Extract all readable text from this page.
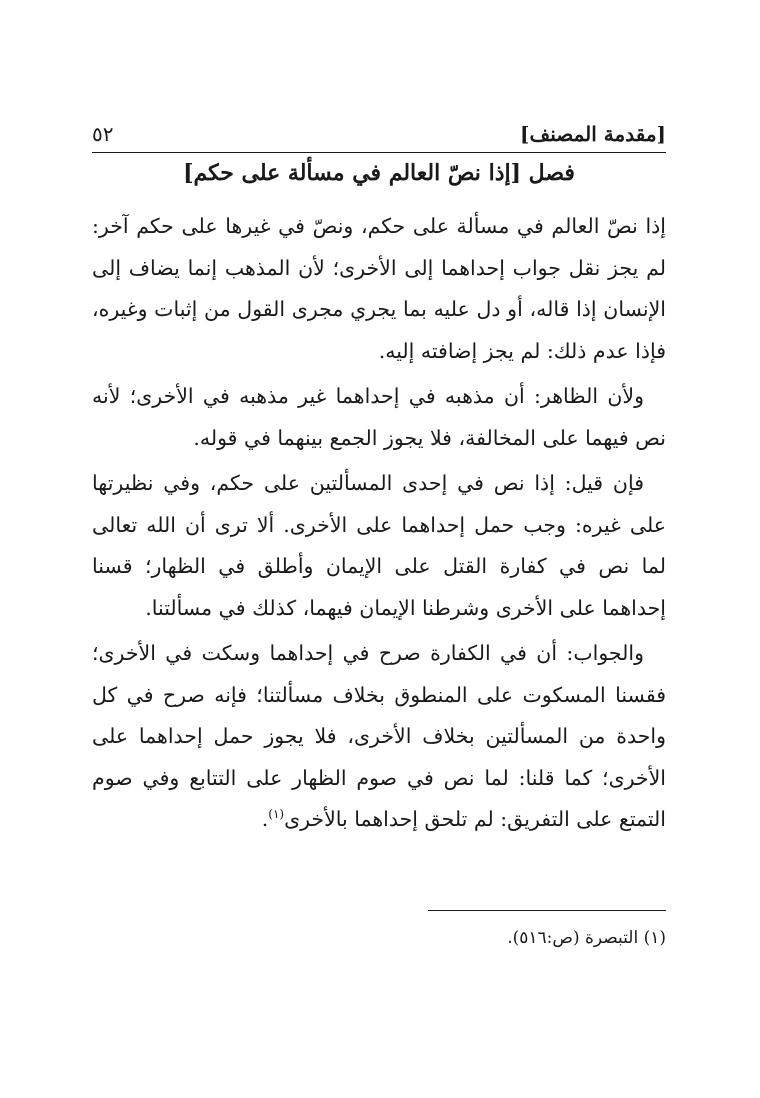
[مقدمة المصنف]
٥٢
فصل [إذا نصّ العالم في مسألة على حكم]

إذا نصّ العالم في مسألة على حكم، ونصّ في غيرها على حكم آخر: لم يجز نقل جواب إحداهما إلى الأخرى؛ لأن المذهب إنما يضاف إلى الإنسان إذا قاله، أو دل عليه بما يجري مجرى القول من إثبات وغيره، فإذا عدم ذلك: لم يجز إضافته إليه.

ولأن الظاهر: أن مذهبه في إحداهما غير مذهبه في الأخرى؛ لأنه نص فيهما على المخالفة، فلا يجوز الجمع بينهما في قوله.

فإن قيل: إذا نص في إحدى المسألتين على حكم، وفي نظيرتها على غيره: وجب حمل إحداهما على الأخرى. ألا ترى أن الله تعالى لما نص في كفارة القتل على الإيمان وأطلق في الظهار؛ قسنا إحداهما على الأخرى وشرطنا الإيمان فيهما، كذلك في مسألتنا.

والجواب: أن في الكفارة صرح في إحداهما وسكت في الأخرى؛ فقسنا المسكوت على المنطوق بخلاف مسألتنا؛ فإنه صرح في كل واحدة من المسألتين بخلاف الأخرى، فلا يجوز حمل إحداهما على الأخرى؛ كما قلنا: لما نص في صوم الظهار على التتابع وفي صوم التمتع على التفريق: لم تلحق إحداهما بالأخرى$^{(١)}$.

(١) التبصرة (ص:٥١٦).
